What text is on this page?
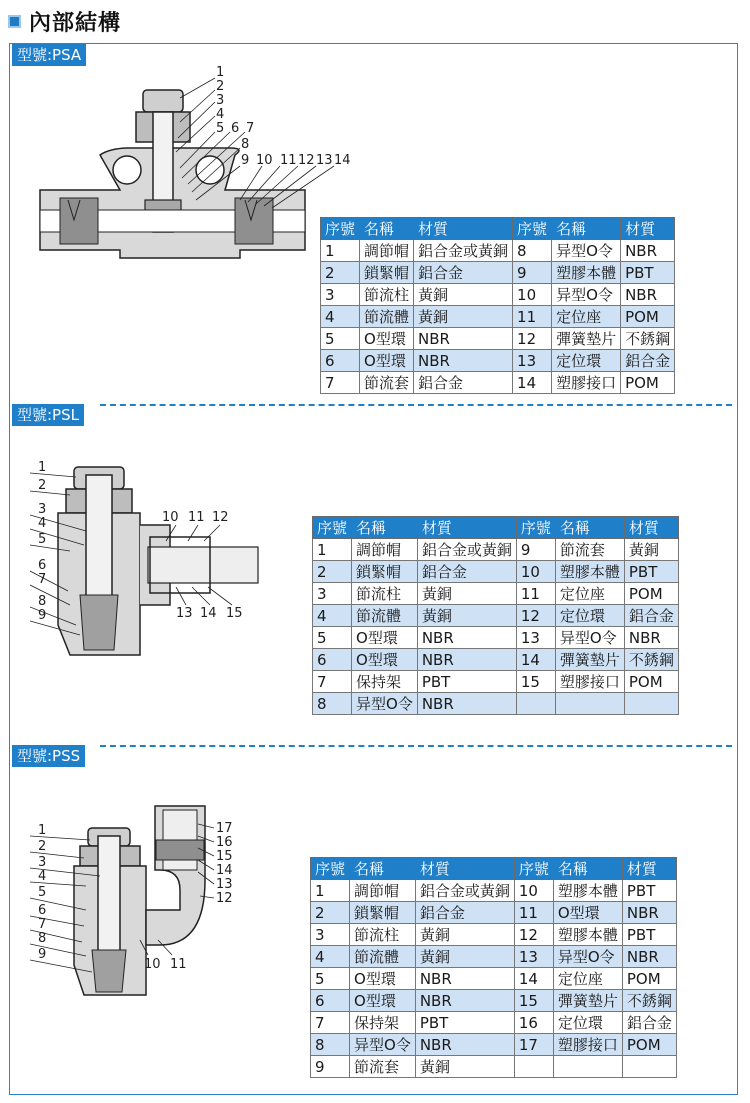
內部結構
型號:PSA
1
2
3
4
5 6 7
8
9 10 11 12 13 14
序號	名稱	材質	序號	名稱	材質
1	調節帽	鋁合金或黃銅	8	异型O令	NBR
2	鎖緊帽	鋁合金	9	塑膠本體	PBT
3	節流柱	黃銅	10	异型O令	NBR
4	節流體	黃銅	11	定位座	POM
5	O型環	NBR	12	彈簧墊片	不銹鋼
6	O型環	NBR	13	定位環	鋁合金
7	節流套	鋁合金	14	塑膠接口	POM
型號:PSL
1
2
3
4
5
6
7
8
9
10 11 12
13 14 15
序號	名稱	材質	序號	名稱	材質
1	調節帽	鋁合金或黃銅	9	節流套	黃銅
2	鎖緊帽	鋁合金	10	塑膠本體	PBT
3	節流柱	黃銅	11	定位座	POM
4	節流體	黃銅	12	定位環	鋁合金
5	O型環	NBR	13	异型O令	NBR
6	O型環	NBR	14	彈簧墊片	不銹鋼
7	保持架	PBT	15	塑膠接口	POM
8	异型O令	NBR			
型號:PSS
1
2
3
4
5
6
7
8
9
10 11
12
13
14
15
16
17
序號	名稱	材質	序號	名稱	材質
1	調節帽	鋁合金或黃銅	10	塑膠本體	PBT
2	鎖緊帽	鋁合金	11	O型環	NBR
3	節流柱	黃銅	12	塑膠本體	PBT
4	節流體	黃銅	13	异型O令	NBR
5	O型環	NBR	14	定位座	POM
6	O型環	NBR	15	彈簧墊片	不銹鋼
7	保持架	PBT	16	定位環	鋁合金
8	异型O令	NBR	17	塑膠接口	POM
9	節流套	黃銅			
